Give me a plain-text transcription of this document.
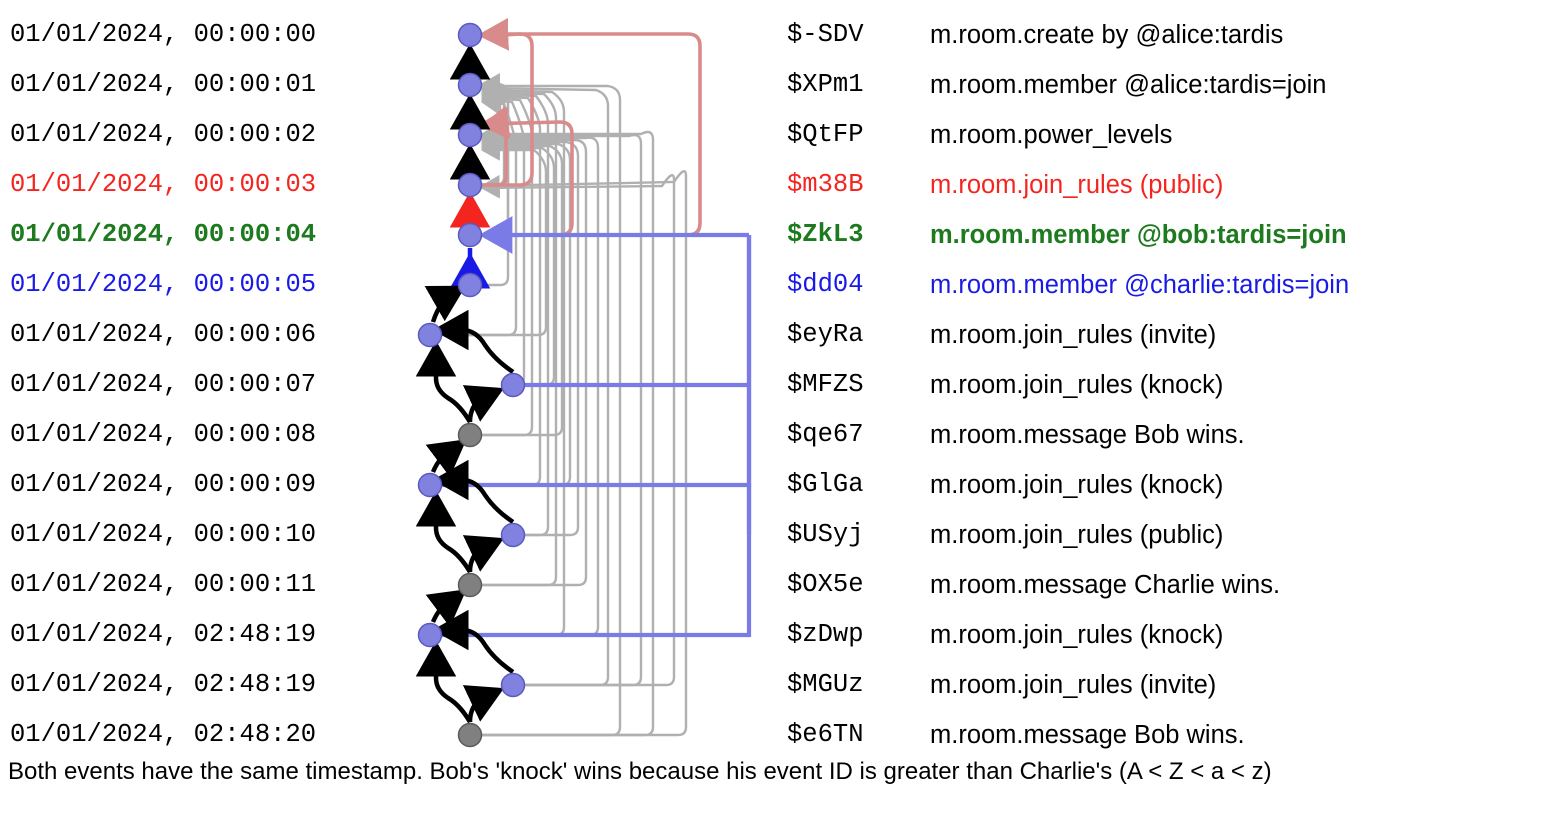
01/01/2024, 00:00:00	$-SDV	m.room.create by @alice:tardis
01/01/2024, 00:00:01	$XPm1	m.room.member @alice:tardis=join
01/01/2024, 00:00:02	$QtFP	m.room.power_levels
01/01/2024, 00:00:03	$m38B	m.room.join_rules (public)
01/01/2024, 00:00:04	$ZkL3	m.room.member @bob:tardis=join
01/01/2024, 00:00:05	$dd04	m.room.member @charlie:tardis=join
01/01/2024, 00:00:06	$eyRa	m.room.join_rules (invite)
01/01/2024, 00:00:07	$MFZS	m.room.join_rules (knock)
01/01/2024, 00:00:08	$qe67	m.room.message Bob wins.
01/01/2024, 00:00:09	$GlGa	m.room.join_rules (knock)
01/01/2024, 00:00:10	$USyj	m.room.join_rules (public)
01/01/2024, 00:00:11	$OX5e	m.room.message Charlie wins.
01/01/2024, 02:48:19	$zDwp	m.room.join_rules (knock)
01/01/2024, 02:48:19	$MGUz	m.room.join_rules (invite)
01/01/2024, 02:48:20	$e6TN	m.room.message Bob wins.
Both events have the same timestamp. Bob's 'knock' wins because his event ID is greater than Charlie's (A < Z < a < z)
